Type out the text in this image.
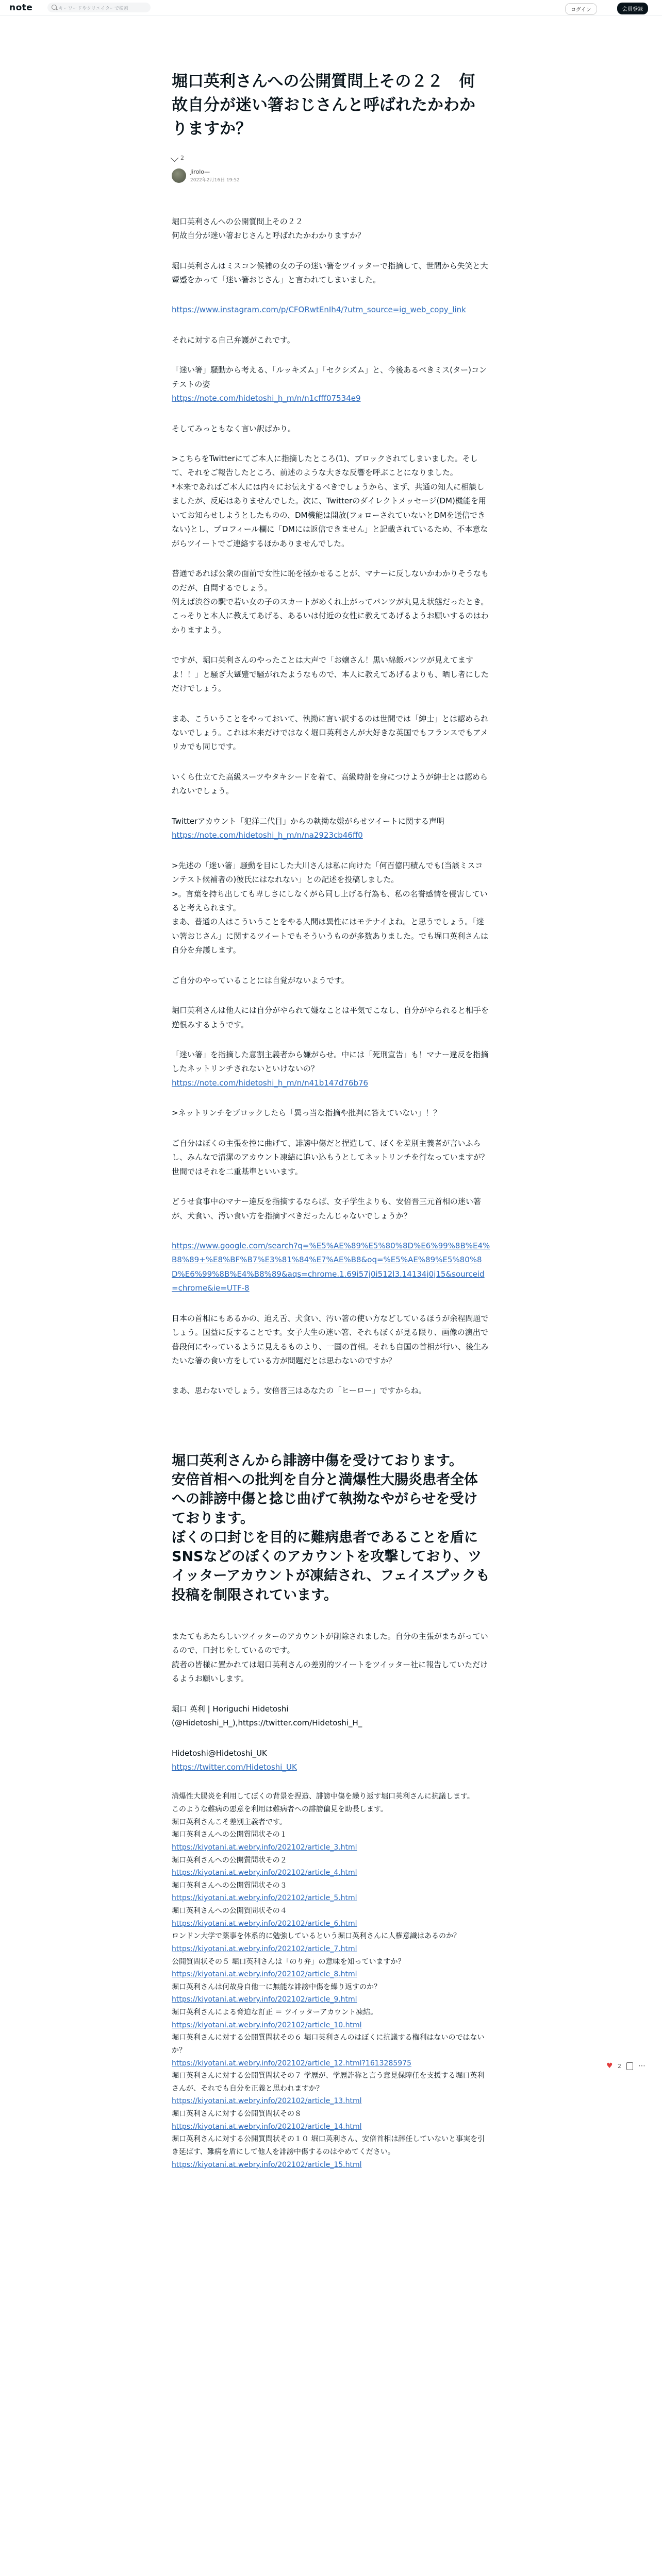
note	キーワードやクリエイターで検索	ログイン	会員登録
堀口英利さんへの公開質問上その２２　何故自分が迷い箸おじさんと呼ばれたかわかりますか？
2
Jirolo—
2022年2月16日 19:52

堀口英利さんへの公開質問上その２２
何故自分が迷い箸おじさんと呼ばれたかわかりますか？

堀口英利さんはミスコン候補の女の子の迷い箸をツイッターで指摘して、世間から失笑と大顰蹙をかって「迷い箸おじさん」と言われてしまいました。

https://www.instagram.com/p/CFORwtEnIh4/?utm_source=ig_web_copy_link

それに対する自己弁護がこれです。

「迷い箸」騒動から考える、「ルッキズム」「セクシズム」と、今後あるべきミス(ター)コンテストの姿
https://note.com/hidetoshi_h_m/n/n1cfff07534e9

そしてみっともなく言い訳ばかり。

>こちらをTwitterにてご本人に指摘したところ(1)、ブロックされてしまいました。そして、それをご報告したところ、前述のような大きな反響を呼ぶことになりました。
*本来であればご本人には内々にお伝えするべきでしょうから、まず、共通の知人に相談しましたが、反応はありませんでした。次に、Twitterのダイレクトメッセージ(DM)機能を用いてお知らせしようとしたものの、DM機能は開放(フォローされていないとDMを送信できない)とし、プロフィール欄に「DMには返信できません」と記載されているため、不本意ながらツイートでご連絡するほかありませんでした。

普通であれば公衆の面前で女性に恥を掻かせることが、マナーに反しないかわかりそうなものだが、自問するでしょう。
例えば渋谷の駅で若い女の子のスカートがめくれ上がってパンツが丸見え状態だったとき。
こっそりと本人に教えてあげる、あるいは付近の女性に教えてあげるようお願いするのはわかりますよう。

ですが、堀口英利さんのやったことは大声で「お嬢さん！黒い綿飯パンツが見えてますよ！！」と騒ぎ大顰蹙で騒がれたようなもので、本人に教えてあげるよりも、晒し者にしただけでしょう。

まあ、こういうことをやっておいて、執拗に言い訳するのは世間では「紳士」とは認められないでしょう。これは本来だけではなく堀口英利さんが大好きな英国でもフランスでもアメリカでも同じです。

いくら仕立てた高級スーツやタキシードを着て、高級時計を身につけようが紳士とは認められないでしょう。

Twitterアカウント「犯洋二代目」からの執拗な嫌がらせツイートに関する声明
https://note.com/hidetoshi_h_m/n/na2923cb46ff0

>先述の「迷い箸」騒動を目にした大川さんは私に向けた「何百億円積んでも(当該ミスコンテスト候補者の)彼氏にはなれない」との記述を投稿しました。
>。言葉を持ち出しても卑しさにしなくがら同し上げる行為も、私の名誉感情を侵害していると考えられます。
まあ、普通の人はこういうことをやる人間は異性にはモテナイよね。と思うでしょう。「迷い箸おじさん」に関するツイートでもそういうものが多数ありました。でも堀口英利さんは自分を弁護します。

ご自分のやっていることには自覚がないようです。

堀口英利さんは他人には自分がやられて嫌なことは平気でこなし、自分がやられると相手を逆恨みするようです。

「迷い箸」を指摘した意割主義者から嫌がらせ。中には「死刑宣告」も！マナー違反を指摘したネットリンチされないといけないの？
https://note.com/hidetoshi_h_m/n/n41b147d76b76

>ネットリンチをブロックしたら「異っ当な指摘や批判に答えていない」！？

ご自分はぼくの主張を控に曲げて、誹謗中傷だと捏造して、ぼくを差別主義者が言いふらし、みんなで清潔のアカウント凍結に追い込もうとしてネットリンチを行なっていますが？
世間ではそれを二重基準といいます。

どうせ食事中のマナー違反を指摘するならば、女子学生よりも、安倍晋三元首相の迷い箸が、犬食い、汚い食い方を指摘すべきだったんじゃないでしょうか？

https://www.google.com/search?q=%E5%AE%89%E5%80%8D%E6%99%8B%E4%B8%89+%E8%BF%B7%E3%81%84%E7%AE%B8&oq=%E5%AE%89%E5%80%8D%E6%99%8B%E4%B8%89&aqs=chrome.1.69i57j0i512l3.14134j0j15&sourceid=chrome&ie=UTF-8

日本の首相にもあるかの、迫え舌、犬食い、汚い箸の使い方などしているほうが余程問題でしょう。国益に反することです。女子大生の迷い箸、それもぼくが見る限り、画像の演出で普段何にやっているように見えるものより、一国の首相。それも自国の首相が行い、後生みたいな箸の食い方をしている方が問題だとは思わないのですか？

まあ、思わないでしょう。安倍晋三はあなたの「ヒーロー」ですからね。

堀口英利さんから誹謗中傷を受けております。
安倍首相への批判を自分と満爆性大腸炎患者全体への誹謗中傷と捻じ曲げて執拗なやがらせを受けております。
ぼくの口封じを目的に難病患者であることを盾にSNSなどのぼくのアカウントを攻撃しており、ツイッターアカウントが凍結され、フェイスブックも投稿を制限されています。

またてもあたらしいツイッターのアカウントが削除されました。自分の主張がまちがっているので、口封じをしているのです。
読者の皆様に置かれては堀口英利さんの差別的ツイートをツイッター社に報告していただけるようお願いします。

堀口 英利 | Horiguchi Hidetoshi
(@Hidetoshi_H_),https://twitter.com/Hidetoshi_H_

Hidetoshi@Hidetoshi_UK
https://twitter.com/Hidetoshi_UK

満爆性大腸炎を利用してぼくの背景を捏造、誹謗中傷を繰り返す堀口英利さんに抗議します。
このような難病の悪意を利用は難病者への誹謗偏見を助長します。
堀口英利さんこそ差別主義者です。
堀口英利さんへの公開質問状その１
https://kiyotani.at.webry.info/202102/article_3.html
堀口英利さんへの公開質問状その２
https://kiyotani.at.webry.info/202102/article_4.html
堀口英利さんへの公開質問状その３
https://kiyotani.at.webry.info/202102/article_5.html
堀口英利さんへの公開質問状その４
https://kiyotani.at.webry.info/202102/article_6.html
ロンドン大学で薬事を体系的に勉強しているという堀口英利さんに人権意識はあるのか？
https://kiyotani.at.webry.info/202102/article_7.html
公開質問状その５ 堀口英利さんは「のり弁」の意味を知っていますか？
https://kiyotani.at.webry.info/202102/article_8.html
堀口英利さんは何故身自他一に無能な誹謗中傷を繰り返すのか？
https://kiyotani.at.webry.info/202102/article_9.html
堀口英利さんによる脅迫な訂正 ＝ ツイッターアカウント凍結。
https://kiyotani.at.webry.info/202102/article_10.html
堀口英利さんに対する公開質問状その６ 堀口英利さんのはぼくに抗議する権利はないのではないか？
https://kiyotani.at.webry.info/202102/article_12.html?1613285975
堀口英利さんに対する公開質問状その７ 学歴が、学歴詐称と言う意見保障任を支援する堀口英利さんが、それでも自分を正義と思われますか？
https://kiyotani.at.webry.info/202102/article_13.html
堀口英利さんに対する公開質問状その８
https://kiyotani.at.webry.info/202102/article_14.html
堀口英利さんに対する公開質問状その１０ 堀口英利さん、安倍首相は辞任していないと事実を引き延ばす、難病を盾にして他人を誹謗中傷するのはやめてください。
https://kiyotani.at.webry.info/202102/article_15.html
♥ 2 ⋯
